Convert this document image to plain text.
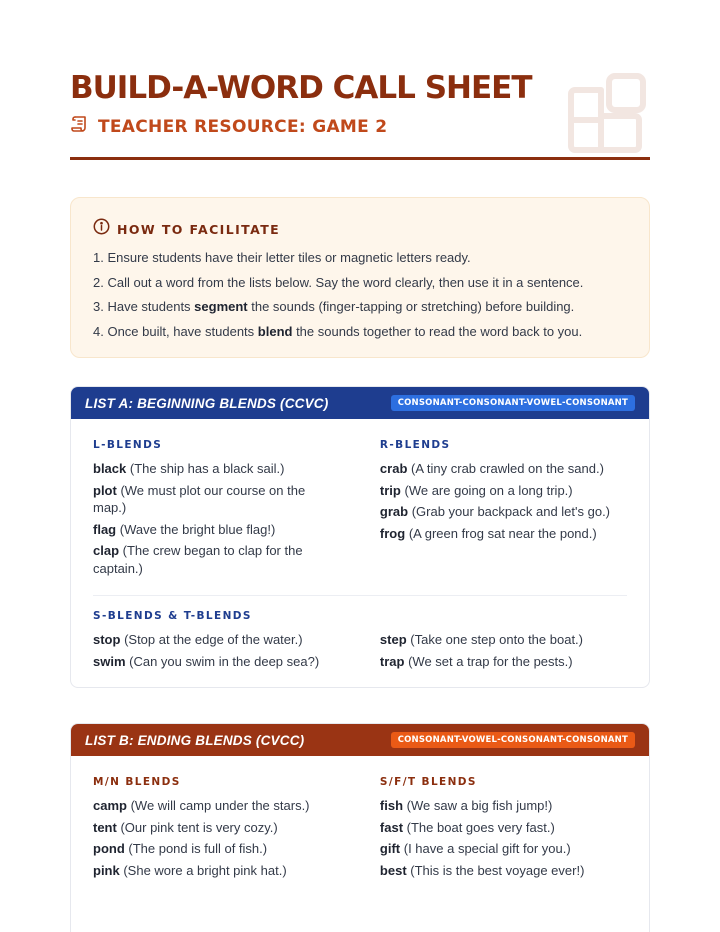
BUILD-A-WORD CALL SHEET
TEACHER RESOURCE: GAME 2
HOW TO FACILITATE
1. Ensure students have their letter tiles or magnetic letters ready.
2. Call out a word from the lists below. Say the word clearly, then use it in a sentence.
3. Have students segment the sounds (finger-tapping or stretching) before building.
4. Once built, have students blend the sounds together to read the word back to you.
LIST A: BEGINNING BLENDS (CCVC)	CONSONANT-CONSONANT-VOWEL-CONSONANT
L-BLENDS
black (The ship has a black sail.)
plot (We must plot our course on the map.)
flag (Wave the bright blue flag!)
clap (The crew began to clap for the captain.)
R-BLENDS
crab (A tiny crab crawled on the sand.)
trip (We are going on a long trip.)
grab (Grab your backpack and let's go.)
frog (A green frog sat near the pond.)
S-BLENDS & T-BLENDS
stop (Stop at the edge of the water.)
swim (Can you swim in the deep sea?)
step (Take one step onto the boat.)
trap (We set a trap for the pests.)
LIST B: ENDING BLENDS (CVCC)	CONSONANT-VOWEL-CONSONANT-CONSONANT
M/N BLENDS
camp (We will camp under the stars.)
tent (Our pink tent is very cozy.)
pond (The pond is full of fish.)
pink (She wore a bright pink hat.)
S/F/T BLENDS
fish (We saw a big fish jump!)
fast (The boat goes very fast.)
gift (I have a special gift for you.)
best (This is the best voyage ever!)
